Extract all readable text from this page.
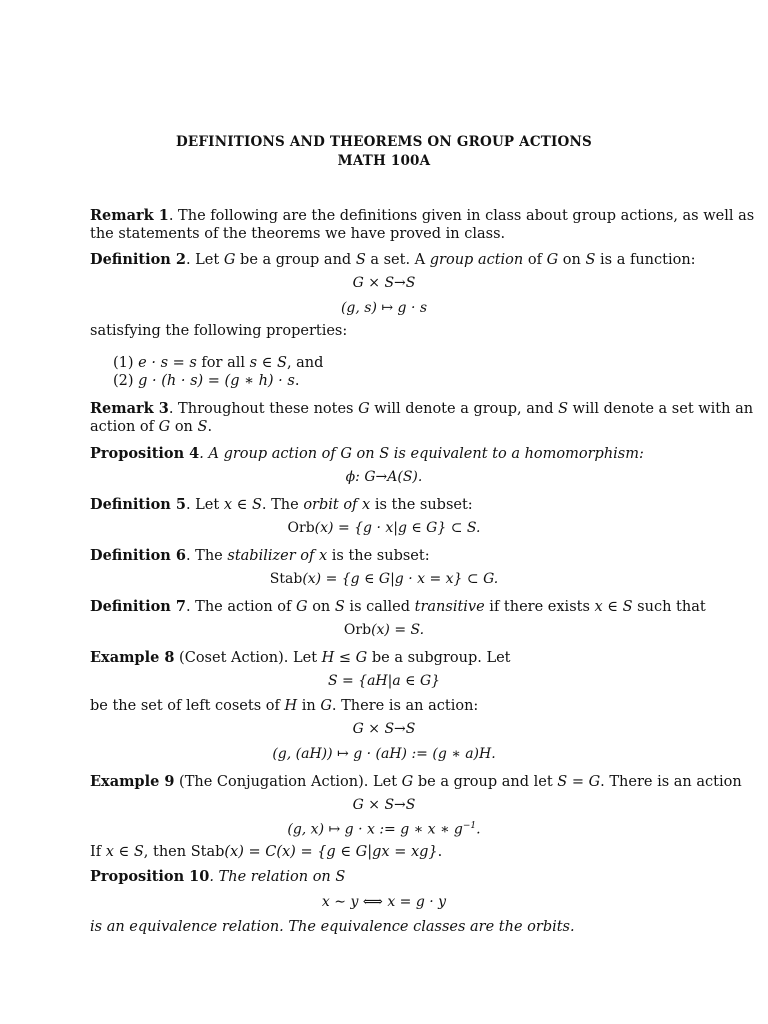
DEFINITIONS AND THEOREMS ON GROUP ACTIONS
MATH 100A
Remark 1. The following are the definitions given in class about group actions, as well as
the statements of the theorems we have proved in class.
Definition 2. Let G be a group and S a set. A group action of G on S is a function:
G × S→S
(g, s) ↦ g · s
satisfying the following properties:
(1) e · s = s for all s ∈ S, and
(2) g · (h · s) = (g ∗ h) · s.
Remark 3. Throughout these notes G will denote a group, and S will denote a set with an
action of G on S.
Proposition 4. A group action of G on S is equivalent to a homomorphism:
ϕ: G→A(S).
Definition 5. Let x ∈ S. The orbit of x is the subset:
Orb(x) = {g · x|g ∈ G} ⊂ S.
Definition 6. The stabilizer of x is the subset:
Stab(x) = {g ∈ G|g · x = x} ⊂ G.
Definition 7. The action of G on S is called transitive if there exists x ∈ S such that
Orb(x) = S.
Example 8 (Coset Action). Let H ≤ G be a subgroup. Let
S = {aH|a ∈ G}
be the set of left cosets of H in G. There is an action:
G × S→S
(g, (aH)) ↦ g · (aH) := (g ∗ a)H.
Example 9 (The Conjugation Action). Let G be a group and let S = G. There is an action
G × S→S
(g, x) ↦ g · x := g ∗ x ∗ $g^{-1}$.
If x ∈ S, then Stab(x) = C(x) = {g ∈ G|gx = xg}.
Proposition 10. The relation on S
x ∼ y ⟺ x = g · y
is an equivalence relation. The equivalence classes are the orbits.
